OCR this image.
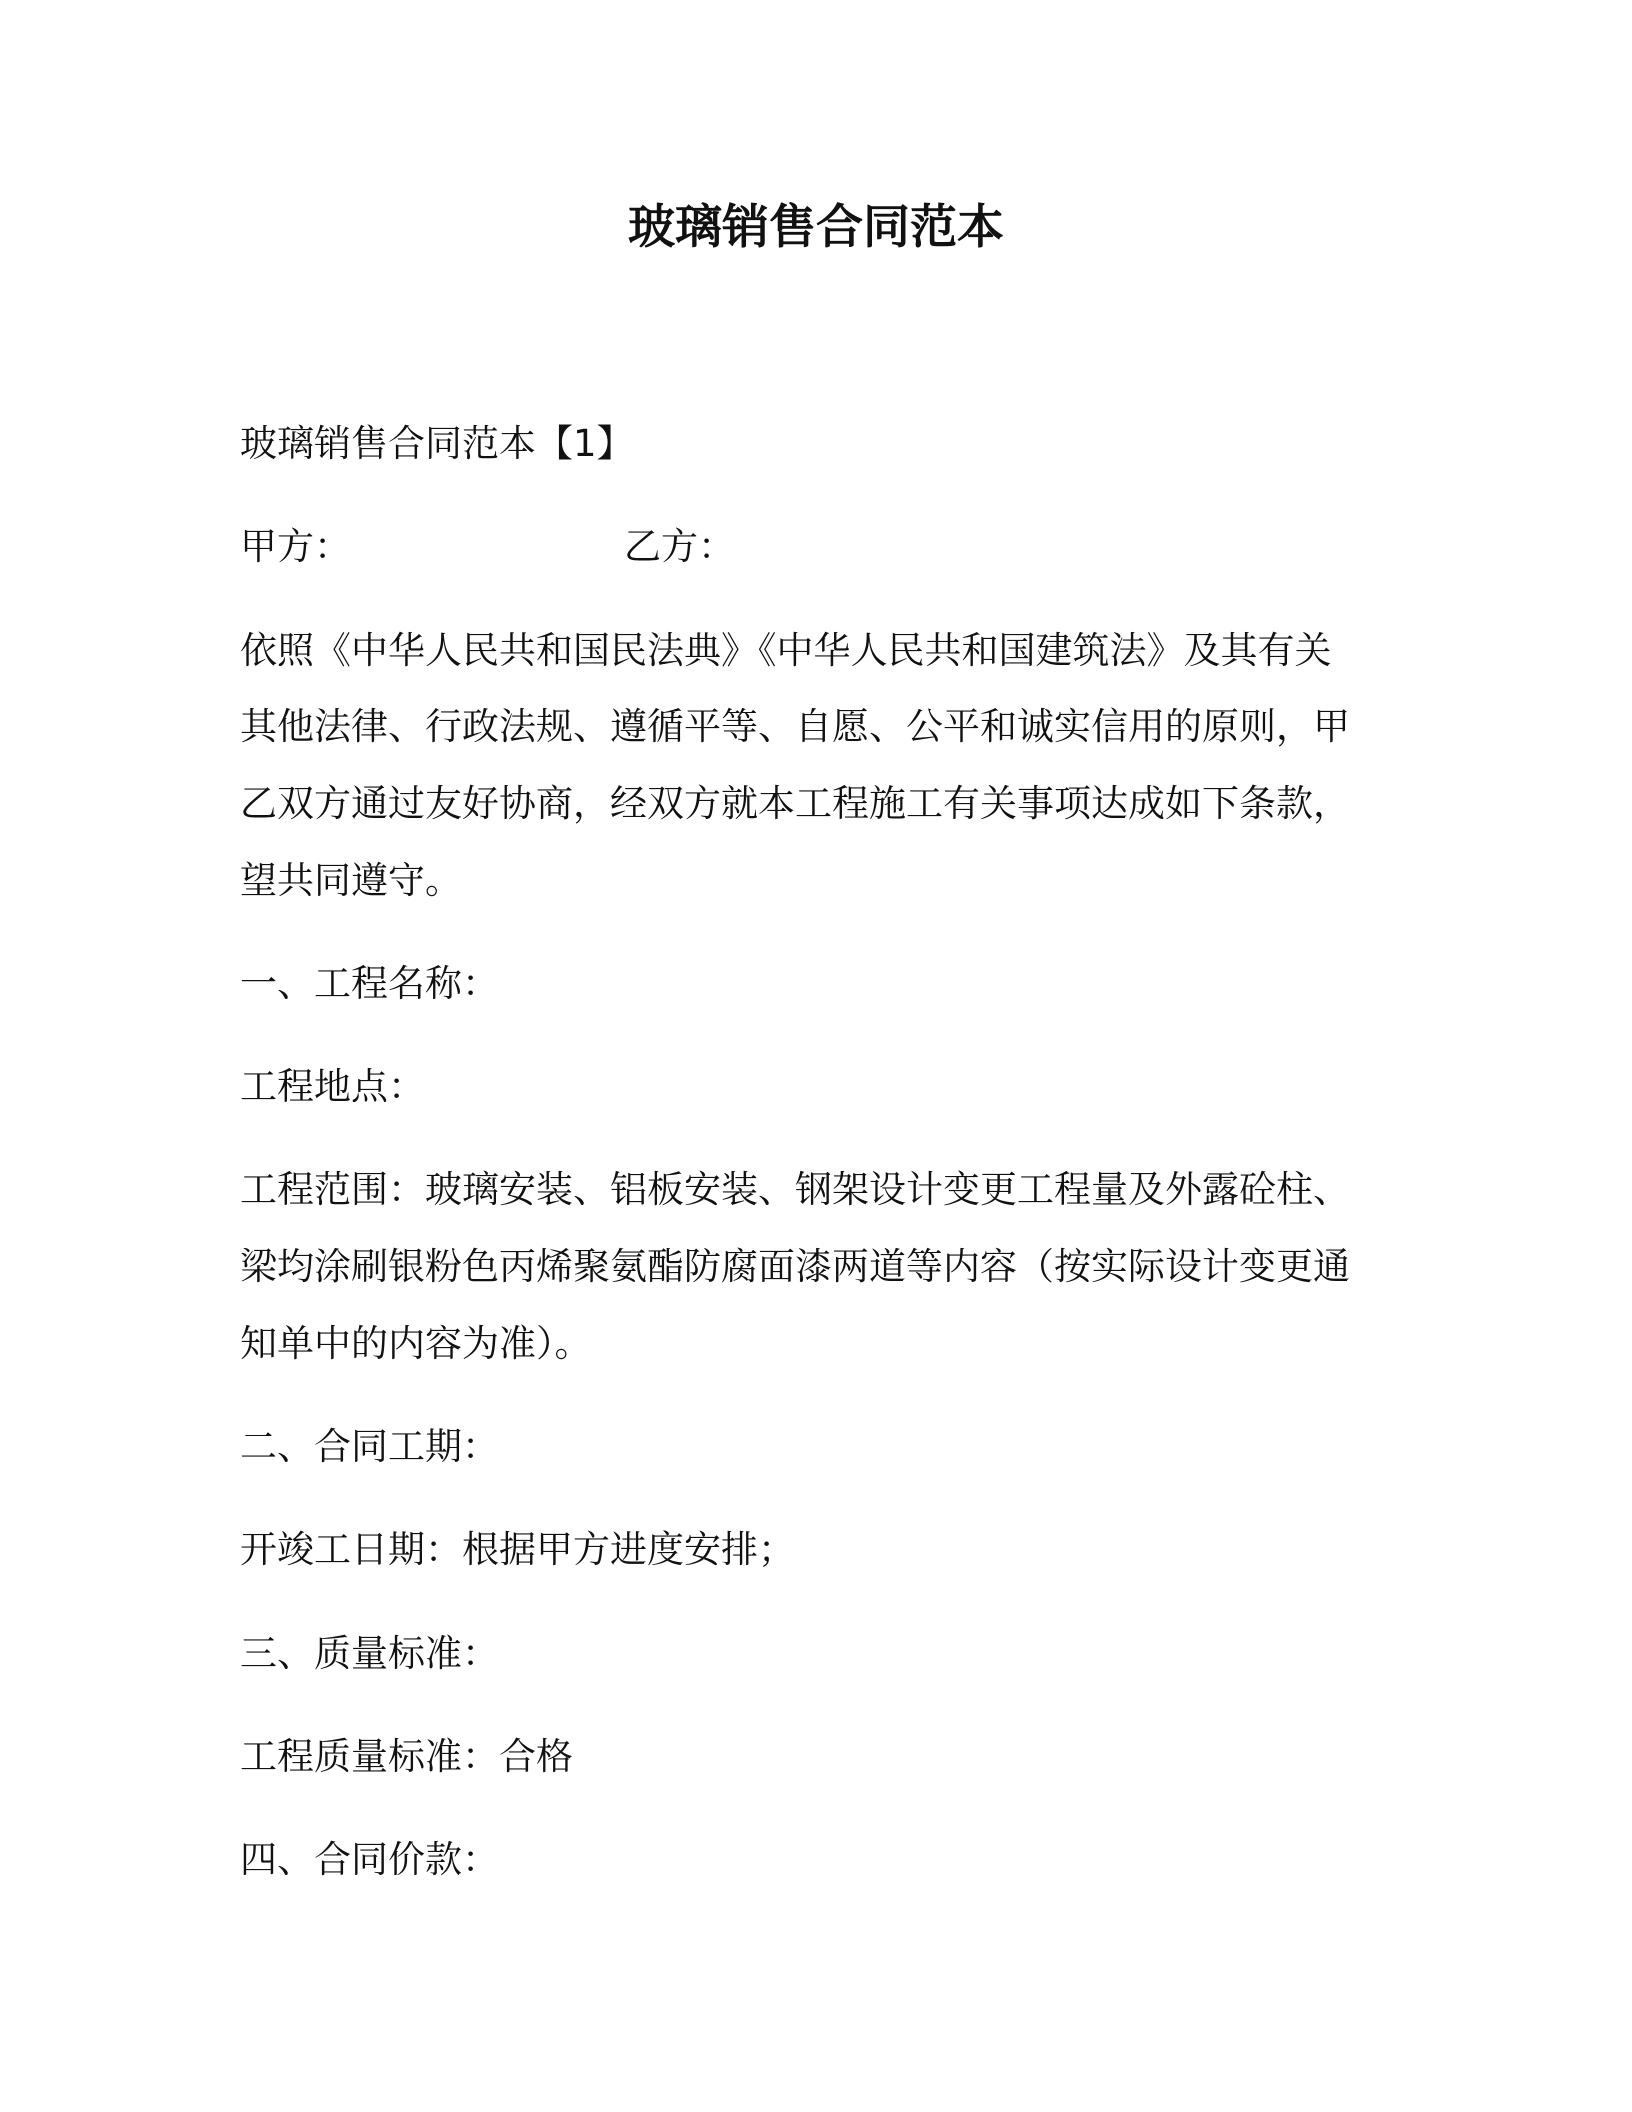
玻璃销售合同范本
玻璃销售合同范本【1】
甲方：	乙方：
依照《中华人民共和国民法典》《中华人民共和国建筑法》及其有关
其他法律、行政法规、遵循平等、自愿、公平和诚实信用的原则，甲
乙双方通过友好协商，经双方就本工程施工有关事项达成如下条款，
望共同遵守。
一、工程名称：
工程地点：
工程范围：玻璃安装、铝板安装、钢架设计变更工程量及外露砼柱、
梁均涂刷银粉色丙烯聚氨酯防腐面漆两道等内容（按实际设计变更通
知单中的内容为准）。
二、合同工期：
开竣工日期：根据甲方进度安排；
三、质量标准：
工程质量标准：合格
四、合同价款：
